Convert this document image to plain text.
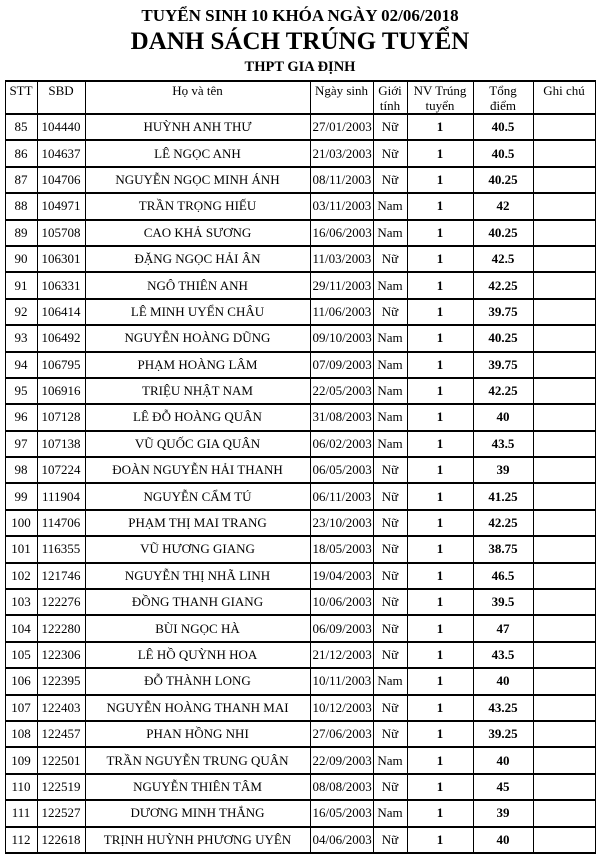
TUYỂN SINH 10 KHÓA NGÀY 02/06/2018
DANH SÁCH TRÚNG TUYỂN
THPT GIA ĐỊNH
STT	SBD	Họ và tên	Ngày sinh	Giới tính	NV Trúng tuyển	Tổng điểm	Ghi chú
85	104440	HUỲNH ANH THƯ	27/01/2003	Nữ	1	40.5	
86	104637	LÊ NGỌC ANH	21/03/2003	Nữ	1	40.5	
87	104706	NGUYỄN NGỌC MINH ÁNH	08/11/2003	Nữ	1	40.25	
88	104971	TRẦN TRỌNG HIẾU	03/11/2003	Nam	1	42	
89	105708	CAO KHẢ SƯƠNG	16/06/2003	Nam	1	40.25	
90	106301	ĐẶNG NGỌC HẢI ÂN	11/03/2003	Nữ	1	42.5	
91	106331	NGÔ THIÊN ANH	29/11/2003	Nam	1	42.25	
92	106414	LÊ MINH UYỂN CHÂU	11/06/2003	Nữ	1	39.75	
93	106492	NGUYỄN HOÀNG DŨNG	09/10/2003	Nam	1	40.25	
94	106795	PHẠM HOÀNG LÂM	07/09/2003	Nam	1	39.75	
95	106916	TRIỆU NHẬT NAM	22/05/2003	Nam	1	42.25	
96	107128	LÊ ĐỖ HOÀNG QUÂN	31/08/2003	Nam	1	40	
97	107138	VŨ QUỐC GIA QUÂN	06/02/2003	Nam	1	43.5	
98	107224	ĐOÀN NGUYỄN HẢI THANH	06/05/2003	Nữ	1	39	
99	111904	NGUYỄN CẨM TÚ	06/11/2003	Nữ	1	41.25	
100	114706	PHẠM THỊ MAI TRANG	23/10/2003	Nữ	1	42.25	
101	116355	VŨ HƯƠNG GIANG	18/05/2003	Nữ	1	38.75	
102	121746	NGUYỄN THỊ NHÃ LINH	19/04/2003	Nữ	1	46.5	
103	122276	ĐỒNG THANH GIANG	10/06/2003	Nữ	1	39.5	
104	122280	BÙI NGỌC HÀ	06/09/2003	Nữ	1	47	
105	122306	LÊ HỒ QUỲNH HOA	21/12/2003	Nữ	1	43.5	
106	122395	ĐỖ THÀNH LONG	10/11/2003	Nam	1	40	
107	122403	NGUYỄN HOÀNG THANH MAI	10/12/2003	Nữ	1	43.25	
108	122457	PHAN HỒNG NHI	27/06/2003	Nữ	1	39.25	
109	122501	TRẦN NGUYỄN TRUNG QUÂN	22/09/2003	Nam	1	40	
110	122519	NGUYỄN THIÊN TÂM	08/08/2003	Nữ	1	45	
111	122527	DƯƠNG MINH THẮNG	16/05/2003	Nam	1	39	
112	122618	TRỊNH HUỲNH PHƯƠNG UYÊN	04/06/2003	Nữ	1	40	
